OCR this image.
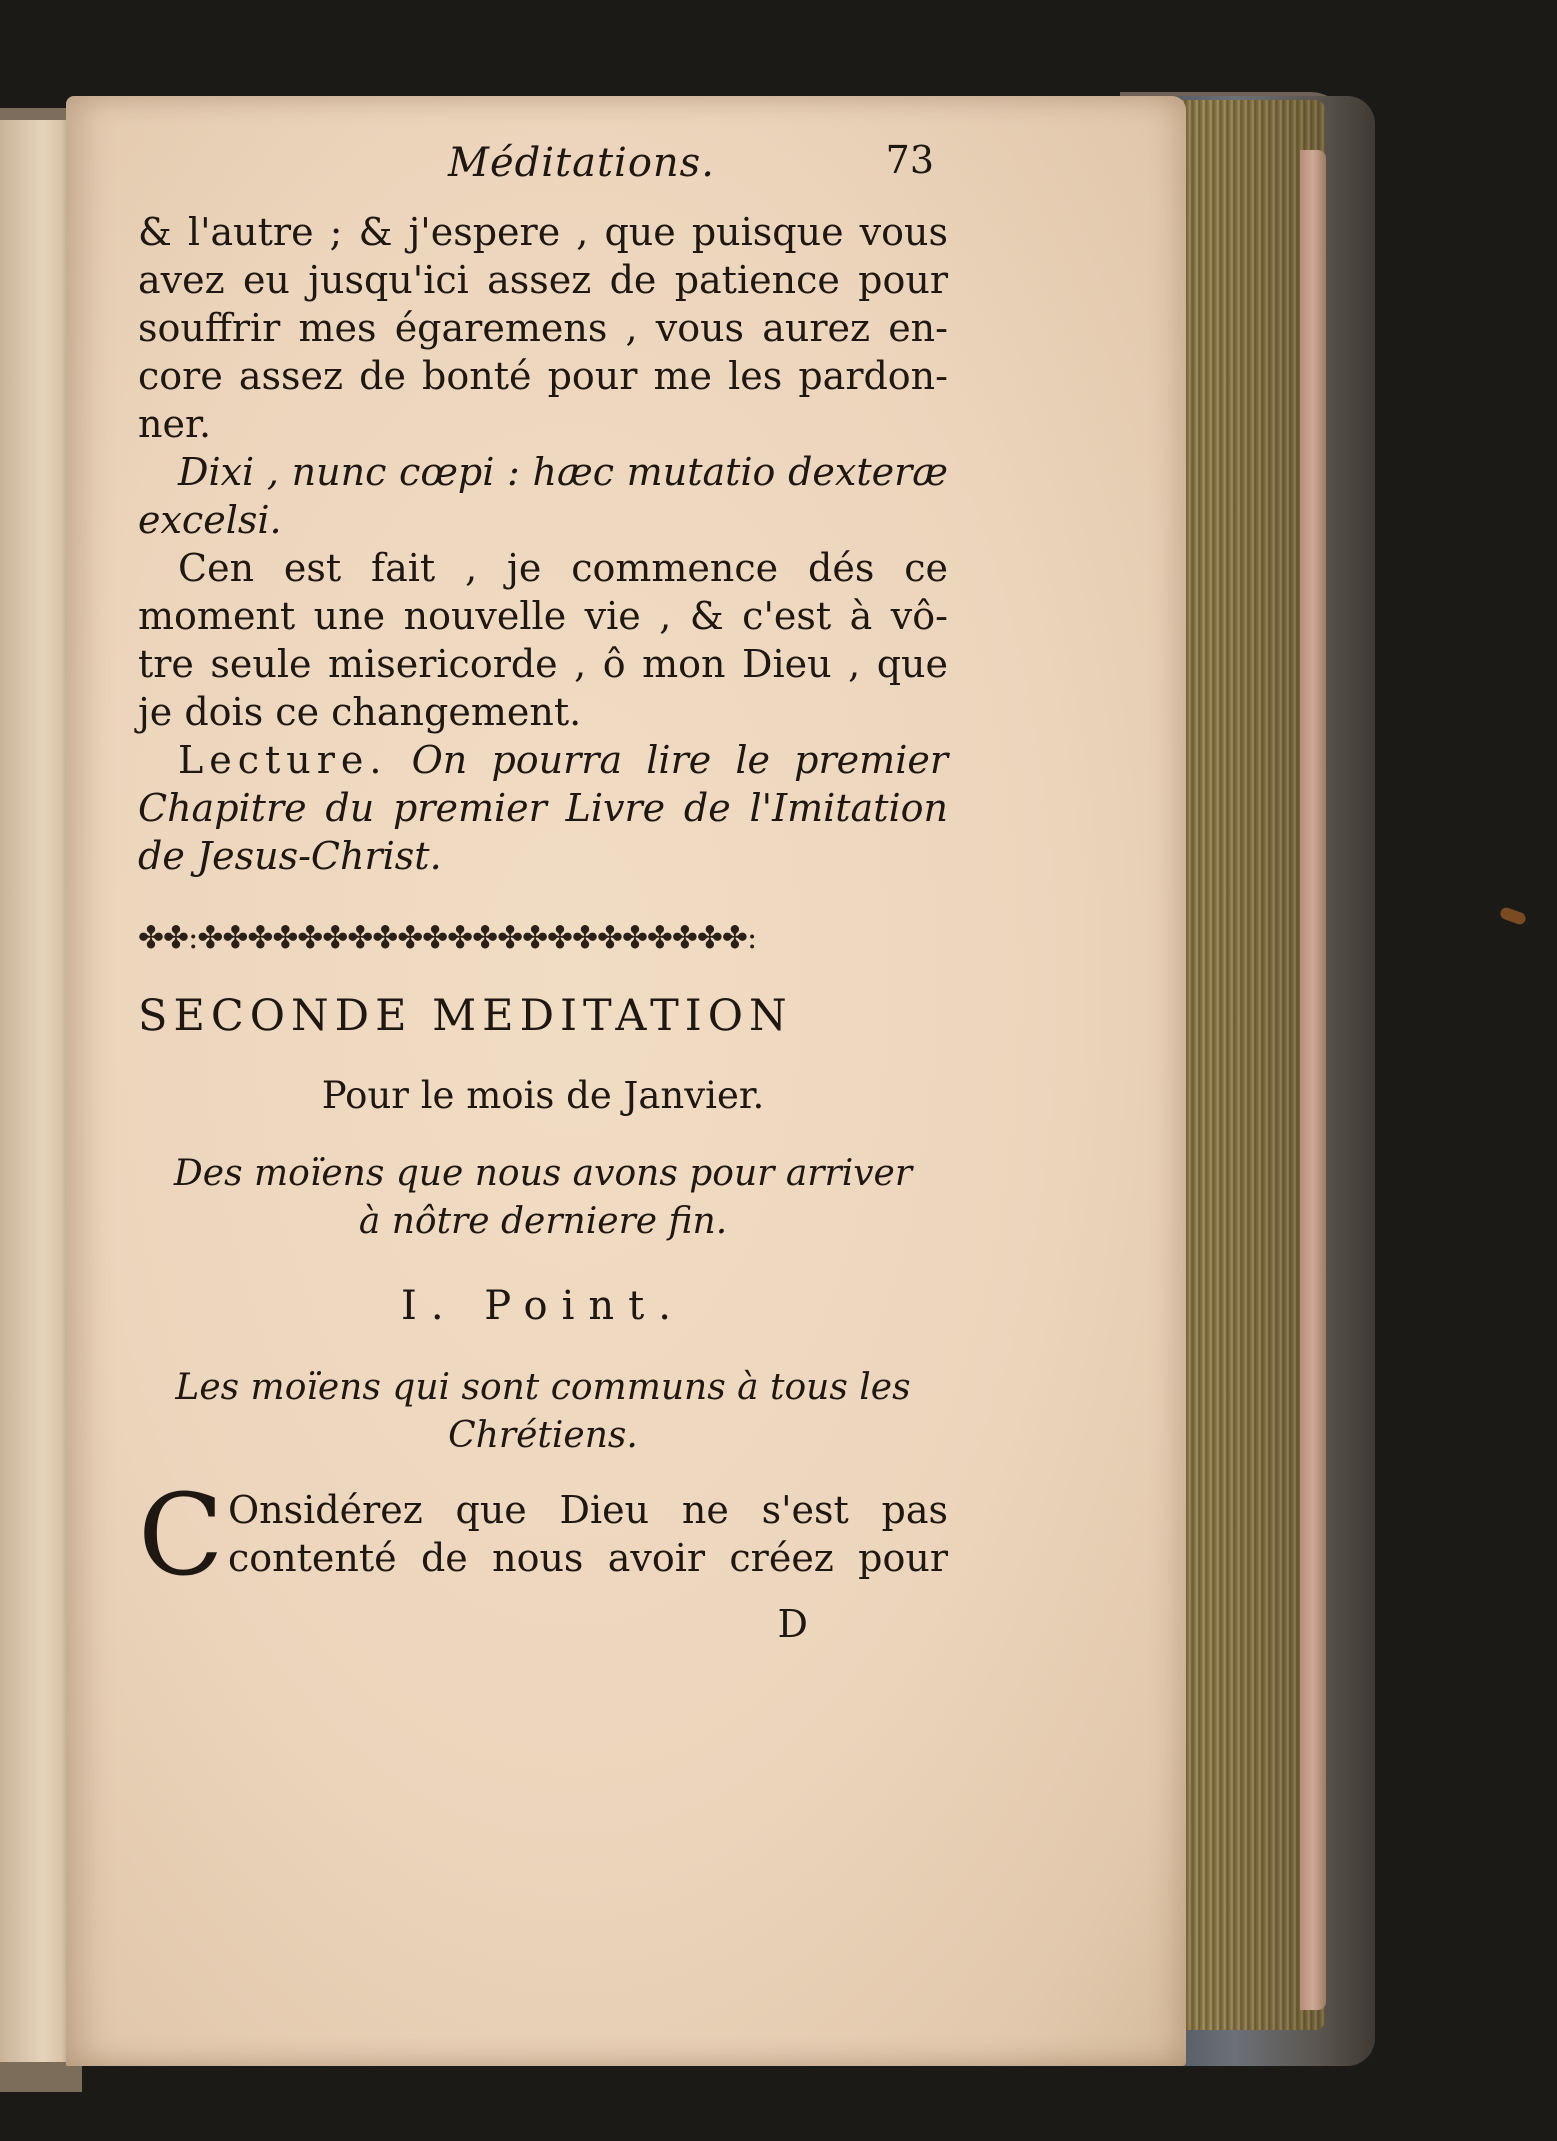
Méditations.	73
& l'autre ; & j'espere , que puisque vous
avez eu jusqu'ici assez de patience pour
souffrir mes égaremens , vous aurez en-
core assez de bonté pour me les pardon-
ner.
Dixi , nunc cœpi : hæc mutatio dexteræ
excelsi.
Cen est fait , je commence dés ce
moment une nouvelle vie , & c'est à vô-
tre seule misericorde , ô mon Dieu , que
je dois ce changement.
Lecture. On pourra lire le premier
Chapitre du premier Livre de l'Imitation
de Jesus-Christ.
✤✤:✤✤✤✤✤✤✤✤✤✤✤✤✤✤✤✤✤✤✤✤✤✤:
SECONDE MEDITATION
Pour le mois de Janvier.
Des moïens que nous avons pour arriver
à nôtre derniere fin.
I. Point.
Les moïens qui sont communs à tous les
Chrétiens.
C Onsidérez que Dieu ne s'est pas
contenté de nous avoir créez pour
D
